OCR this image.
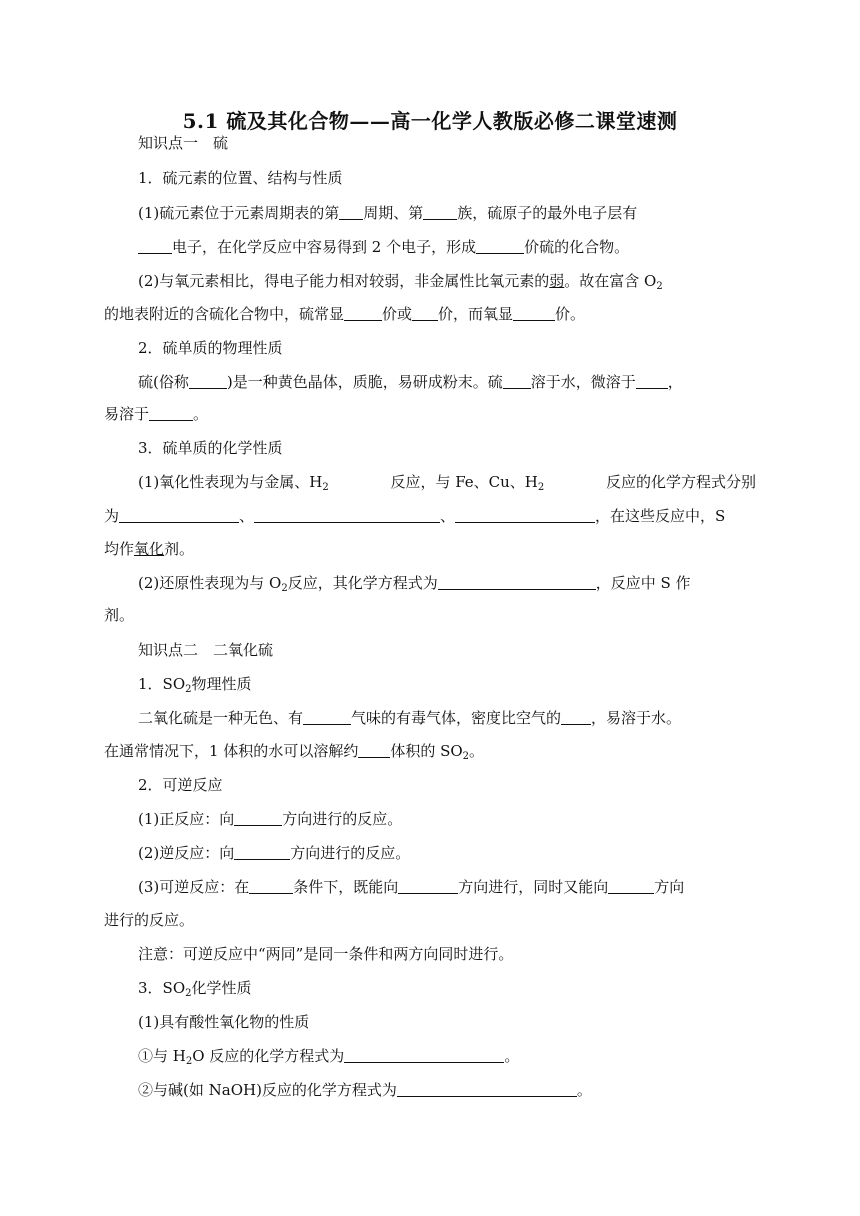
5.1 硫及其化合物——高一化学人教版必修二课堂速测
知识点一　硫
1．硫元素的位置、结构与性质
(1)硫元素位于元素周期表的第 周期、第 族，硫原子的最外电子层有
电子，在化学反应中容易得到 2 个电子，形成	价硫的化合物。
(2)与氧元素相比，得电子能力相对较弱，非金属性比氧元素的弱。故在富含 $O_2$
的地表附近的含硫化合物中，硫常显	价或 价，而氧显	价。
2．硫单质的物理性质
硫(俗称	)是一种黄色晶体，质脆，易研成粉末。硫 溶于水，微溶于 ，
易溶于	。
3．硫单质的化学性质
(1)氧化性表现为与金属、$H_2$	反应，与 Fe、Cu、$H_2$	反应的化学方程式分别
为	、	、	，在这些反应中，S
均作氧化剂。
(2)还原性表现为与 $O_2$反应，其化学方程式为	，反应中 S 作
剂。
知识点二　二氧化硫
1．$SO_2$物理性质
二氧化硫是一种无色、有	气味的有毒气体，密度比空气的 ，易溶于水。
在通常情况下，1 体积的水可以溶解约 体积的 $SO_2$。
2．可逆反应
(1)正反应：向	方向进行的反应。
(2)逆反应：向	方向进行的反应。
(3)可逆反应：在	条件下，既能向	方向进行，同时又能向	方向
进行的反应。
注意：可逆反应中“两同”是同一条件和两方向同时进行。
3．$SO_2$化学性质
(1)具有酸性氧化物的性质
①与 $H_2O$ 反应的化学方程式为	。
②与碱(如 NaOH)反应的化学方程式为	。
